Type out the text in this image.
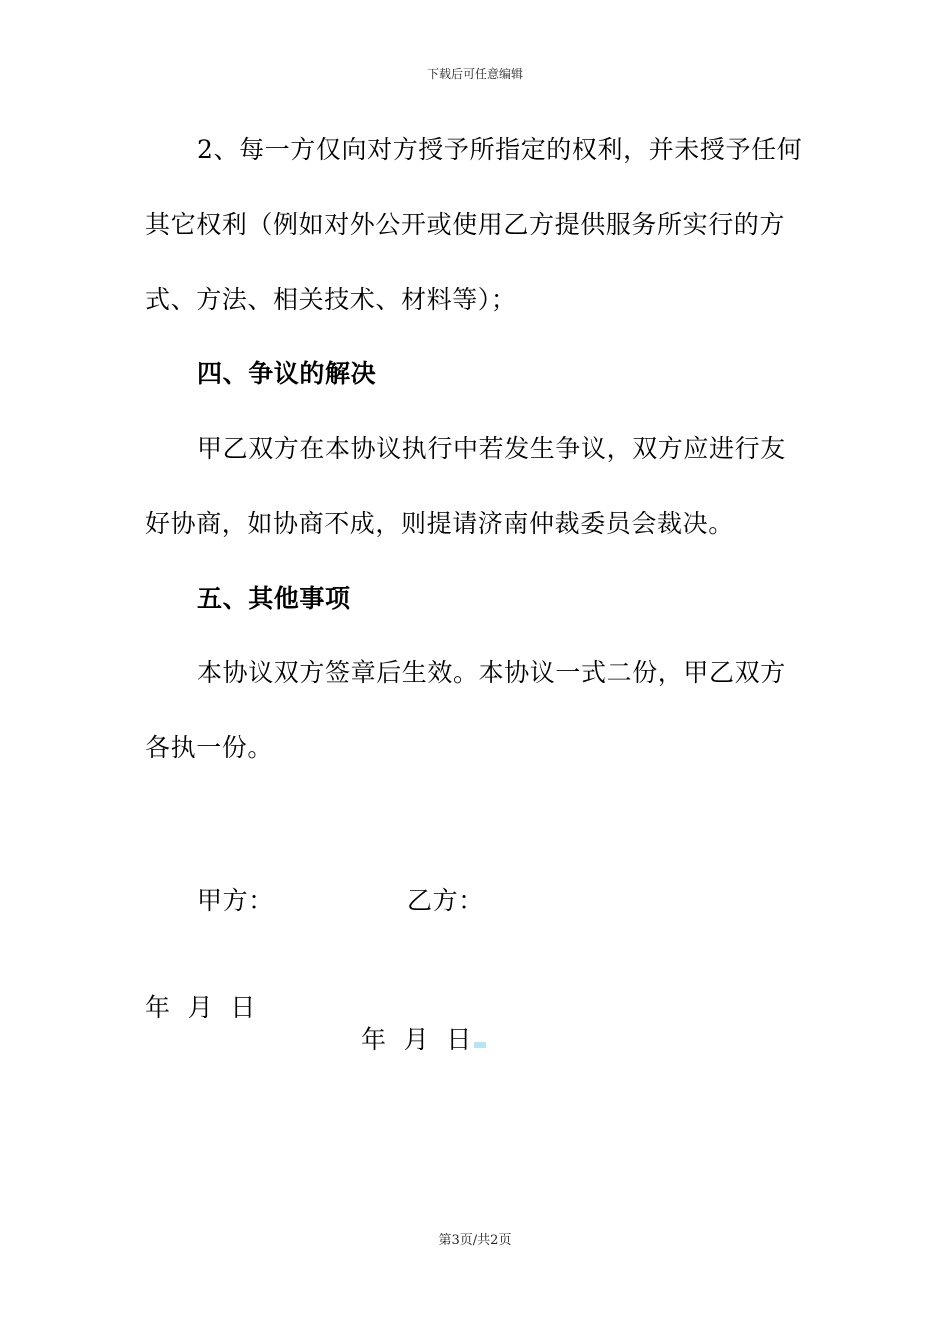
下载后可任意编辑
2、每一方仅向对方授予所指定的权利，并未授予任何
其它权利（例如对外公开或使用乙方提供服务所实行的方
式、方法、相关技术、材料等）；
四、争议的解决
甲乙双方在本协议执行中若发生争议，双方应进行友
好协商，如协商不成，则提请济南仲裁委员会裁决。
五、其他事项
本协议双方签章后生效。本协议一式二份，甲乙双方
各执一份。
甲方：	乙方：

年  月  日

年  月  日

第3页/共2页
